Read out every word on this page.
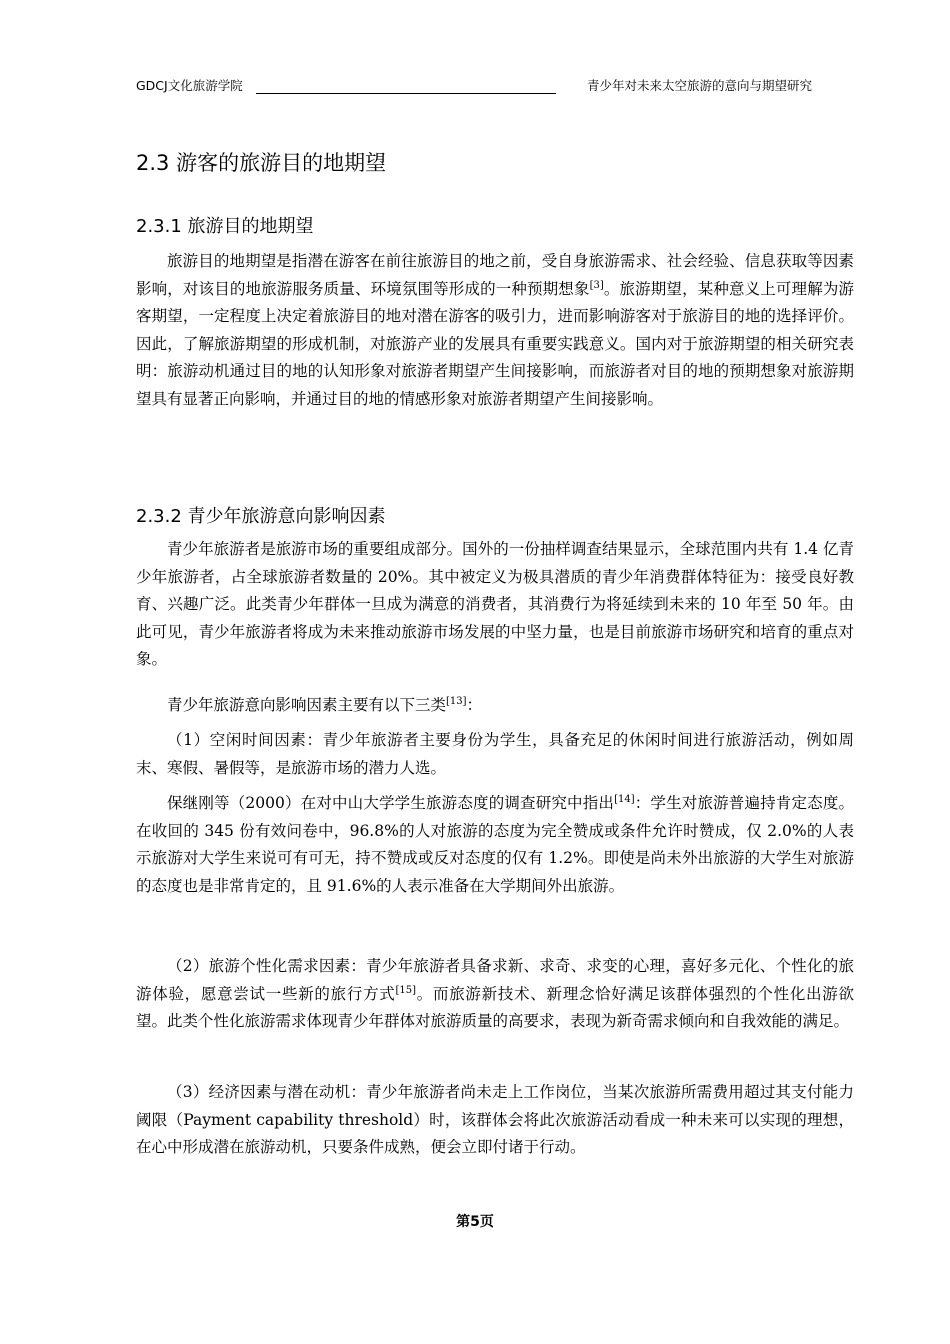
GDCJ文化旅游学院	青少年对未来太空旅游的意向与期望研究
2.3 游客的旅游目的地期望
2.3.1 旅游目的地期望
旅游目的地期望是指潜在游客在前往旅游目的地之前，受自身旅游需求、社会经验、信息获取等因素影响，对该目的地旅游服务质量、环境氛围等形成的一种预期想象[3]。旅游期望，某种意义上可理解为游客期望，一定程度上决定着旅游目的地对潜在游客的吸引力，进而影响游客对于旅游目的地的选择评价。因此，了解旅游期望的形成机制，对旅游产业的发展具有重要实践意义。国内对于旅游期望的相关研究表明：旅游动机通过目的地的认知形象对旅游者期望产生间接影响，而旅游者对目的地的预期想象对旅游期望具有显著正向影响，并通过目的地的情感形象对旅游者期望产生间接影响。
2.3.2 青少年旅游意向影响因素
青少年旅游者是旅游市场的重要组成部分。国外的一份抽样调查结果显示，全球范围内共有 1.4 亿青少年旅游者，占全球旅游者数量的 20%。其中被定义为极具潜质的青少年消费群体特征为：接受良好教育、兴趣广泛。此类青少年群体一旦成为满意的消费者，其消费行为将延续到未来的 10 年至 50 年。由此可见，青少年旅游者将成为未来推动旅游市场发展的中坚力量，也是目前旅游市场研究和培育的重点对象。
青少年旅游意向影响因素主要有以下三类[13]：
（1）空闲时间因素：青少年旅游者主要身份为学生，具备充足的休闲时间进行旅游活动，例如周末、寒假、暑假等，是旅游市场的潜力人选。
保继刚等（2000）在对中山大学学生旅游态度的调查研究中指出[14]：学生对旅游普遍持肯定态度。在收回的 345 份有效问卷中，96.8%的人对旅游的态度为完全赞成或条件允许时赞成，仅 2.0%的人表示旅游对大学生来说可有可无，持不赞成或反对态度的仅有 1.2%。即使是尚未外出旅游的大学生对旅游的态度也是非常肯定的，且 91.6%的人表示准备在大学期间外出旅游。
（2）旅游个性化需求因素：青少年旅游者具备求新、求奇、求变的心理，喜好多元化、个性化的旅游体验，愿意尝试一些新的旅行方式[15]。而旅游新技术、新理念恰好满足该群体强烈的个性化出游欲望。此类个性化旅游需求体现青少年群体对旅游质量的高要求，表现为新奇需求倾向和自我效能的满足。
（3）经济因素与潜在动机：青少年旅游者尚未走上工作岗位，当某次旅游所需费用超过其支付能力阈限（Payment capability threshold）时，该群体会将此次旅游活动看成一种未来可以实现的理想，在心中形成潜在旅游动机，只要条件成熟，便会立即付诸于行动。
第5页
